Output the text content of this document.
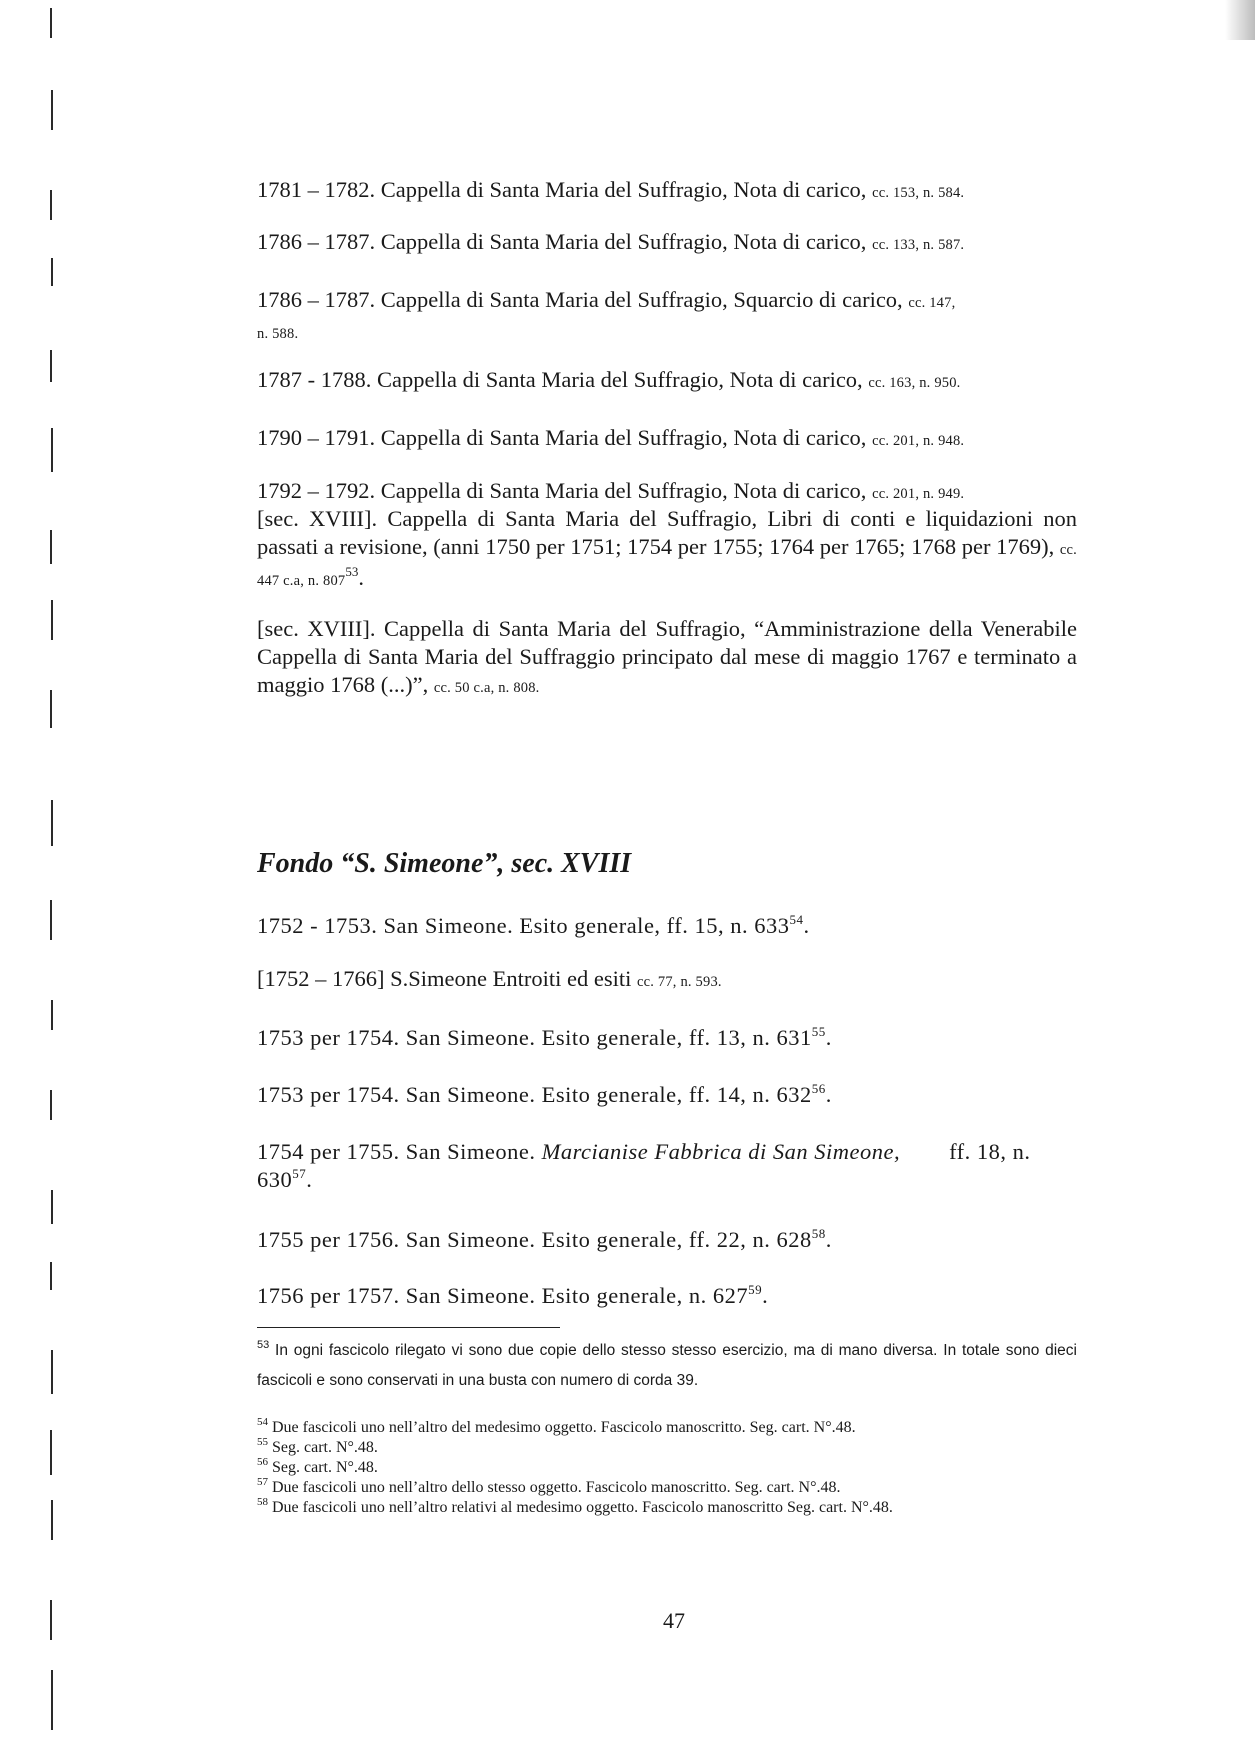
1781 – 1782. Cappella di Santa Maria del Suffragio, Nota di carico, cc. 153, n. 584.

1786 – 1787. Cappella di Santa Maria del Suffragio, Nota di carico, cc. 133, n. 587.

1786 – 1787. Cappella di Santa Maria del Suffragio, Squarcio di carico, cc. 147, n. 588.

1787 - 1788. Cappella di Santa Maria del Suffragio, Nota di carico, cc. 163, n. 950.

1790 – 1791. Cappella di Santa Maria del Suffragio, Nota di carico, cc. 201, n. 948.

1792 – 1792. Cappella di Santa Maria del Suffragio, Nota di carico, cc. 201, n. 949.

[sec. XVIII]. Cappella di Santa Maria del Suffragio, Libri di conti e liquidazioni non passati a revisione, (anni 1750 per 1751; 1754 per 1755; 1764 per 1765; 1768 per 1769), cc. 447 c.a, n. $807^{53}$.

[sec. XVIII]. Cappella di Santa Maria del Suffragio, “Amministrazione della Venerabile Cappella di Santa Maria del Suffraggio principato dal mese di maggio 1767 e terminato a maggio 1768 (...)”, cc. 50 c.a, n. 808.

Fondo “S. Simeone”, sec. XVIII

1752 - 1753. San Simeone. Esito generale, ff. 15, n. $633^{54}$.

[1752 – 1766] S.Simeone Entroiti ed esiti cc. 77, n. 593.

1753 per 1754. San Simeone. Esito generale, ff. 13, n. $631^{55}$.

1753 per 1754. San Simeone. Esito generale, ff. 14, n. $632^{56}$.

1754 per 1755. San Simeone. Marcianise Fabbrica di San Simeone, ff. 18, n. $630^{57}$.

1755 per 1756. San Simeone. Esito generale, ff. 22, n. $628^{58}$.

1756 per 1757. San Simeone. Esito generale, n. $627^{59}$.

$^{53}$ In ogni fascicolo rilegato vi sono due copie dello stesso stesso esercizio, ma di mano diversa. In totale sono dieci fascicoli e sono conservati in una busta con numero di corda 39.

$^{54}$ Due fascicoli uno nell’altro del medesimo oggetto. Fascicolo manoscritto. Seg. cart. N°.48.

$^{55}$ Seg. cart. N°.48.

$^{56}$ Seg. cart. N°.48.

$^{57}$ Due fascicoli uno nell’altro dello stesso oggetto. Fascicolo manoscritto. Seg. cart. N°.48.

$^{58}$ Due fascicoli uno nell’altro relativi al medesimo oggetto. Fascicolo manoscritto Seg. cart. N°.48.

47
